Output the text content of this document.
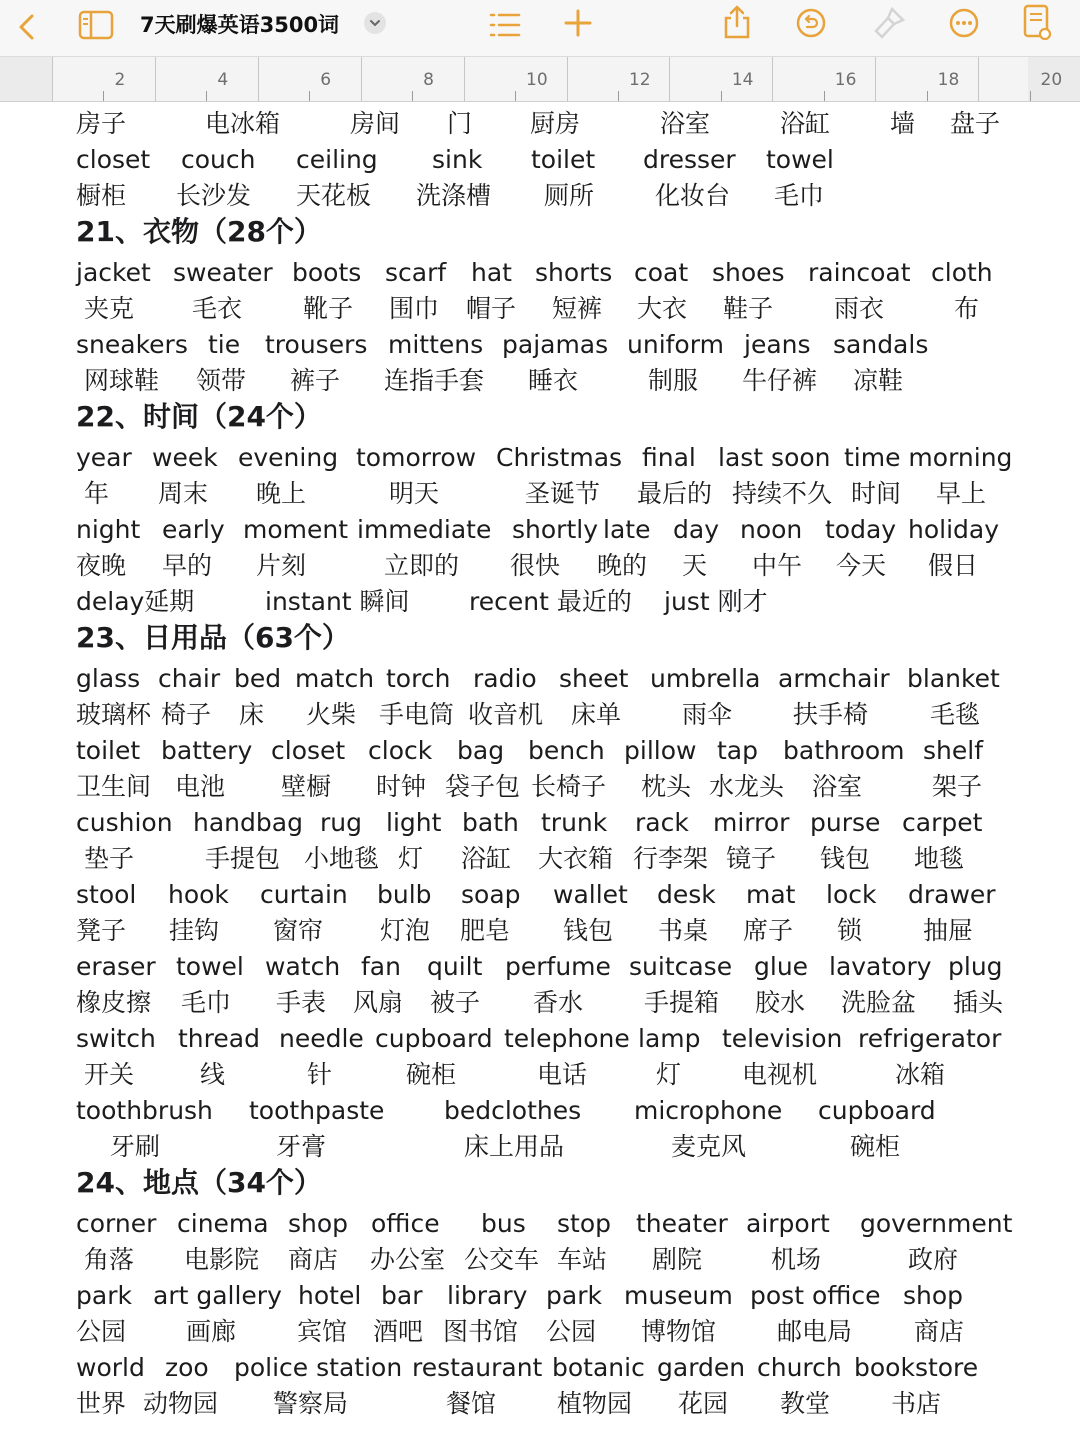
7天刷爆英语3500词
2	4	6	8	10	12	14	16	18	20
房子	电冰箱	房间 门 厨房	浴室	浴缸 墙 盘子
closet couch ceiling sink toilet dresser towel
橱柜 长沙发 天花板 洗涤槽 厕所 化妆台 毛巾
21、衣物（28个）
jacket sweater boots scarf hat shorts coat shoes raincoat cloth
夹克 毛衣 靴子 围巾 帽子 短裤 大衣 鞋子 雨衣	布
sneakers tie trousers mittens pajamas uniform jeans sandals
网球鞋 领带 裤子 连指手套 睡衣	制服 牛仔裤 凉鞋
22、时间（24个）
year week evening tomorrow Christmas final last soon time morning
年 周末 晚上	明天	圣诞节 最后的 持续不久 时间 早上
night early moment immediate shortly late day noon today holiday
夜晚 早的 片刻	立即的 很快 晚的 天 中午 今天 假日
delay延期	instant 瞬间 recent 最近的 just 刚才
23、日用品（63个）
glass chair bed match torch radio sheet umbrella armchair blanket
玻璃杯 椅子 床 火柴 手电筒 收音机 床单 雨伞 扶手椅 毛毯
toilet battery closet clock bag bench pillow tap bathroom shelf
卫生间 电池 壁橱 时钟 袋子包 长椅子 枕头 水龙头 浴室	架子
cushion handbag rug light bath trunk rack mirror purse carpet
垫子	手提包 小地毯 灯 浴缸 大衣箱 行李架 镜子 钱包 地毯
stool hook curtain bulb soap wallet desk mat lock drawer
凳子 挂钩 窗帘 灯泡 肥皂 钱包 书桌 席子 锁 抽屉
eraser towel watch fan quilt perfume suitcase glue lavatory plug
橡皮擦 毛巾 手表 风扇 被子 香水 手提箱 胶水 洗脸盆 插头
switch thread needle cupboard telephone lamp television refrigerator
开关	线	针	碗柜	电话	灯 电视机	冰箱
toothbrush toothpaste bedclothes microphone cupboard
牙刷	牙膏	床上用品	麦克风	碗柜
24、地点（34个）
corner cinema shop office bus stop theater airport government
角落 电影院 商店 办公室 公交车 车站 剧院	机场	政府
park art gallery hotel bar library park museum post office shop
公园 画廊 宾馆 酒吧 图书馆 公园 博物馆 邮电局 商店
world zoo police station restaurant botanic garden church bookstore
世界 动物园 警察局	餐馆 植物园 花园 教堂 书店
